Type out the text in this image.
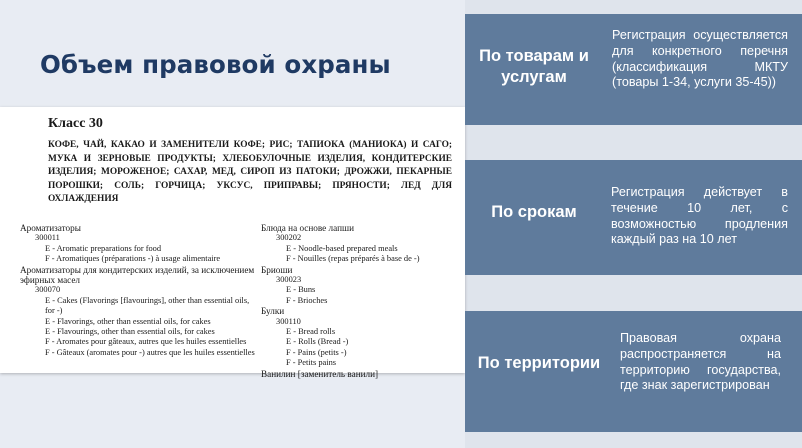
Объем правовой охраны
Класс 30
КОФЕ, ЧАЙ, КАКАО И ЗАМЕНИТЕЛИ КОФЕ; РИС; ТАПИОКА (МАНИОКА) И САГО; МУКА И ЗЕРНОВЫЕ ПРОДУКТЫ; ХЛЕБОБУЛОЧНЫЕ ИЗДЕЛИЯ, КОНДИТЕРСКИЕ ИЗДЕЛИЯ; МОРОЖЕНОЕ; САХАР, МЕД, СИРОП ИЗ ПАТОКИ; ДРОЖЖИ, ПЕКАРНЫЕ ПОРОШКИ; СОЛЬ; ГОРЧИЦА; УКСУС, ПРИПРАВЫ; ПРЯНОСТИ; ЛЕД ДЛЯ ОХЛАЖДЕНИЯ
Ароматизаторы
300011
E - Aromatic preparations for food
F - Aromatiques (préparations -) à usage alimentaire
Ароматизаторы для кондитерских изделий, за исключением эфирных масел
300070
E - Cakes (Flavorings [flavourings], other than essential oils, for -)
E - Flavorings, other than essential oils, for cakes
E - Flavourings, other than essential oils, for cakes
F - Aromates pour gâteaux, autres que les huiles essentielles
F - Gâteaux (aromates pour -) autres que les huiles essentielles
Блюда на основе лапши
300202
E - Noodle-based prepared meals
F - Nouilles (repas préparés à base de -)
Бриоши
300023
E - Buns
F - Brioches
Булки
300110
E - Bread rolls
E - Rolls (Bread -)
F - Pains (petits -)
F - Petits pains
Ванилин [заменитель ванили]
По товарам и услугам
Регистрация осуществляется для конкретного перечня (классификация МКТУ (товары 1-34, услуги 35-45))
По срокам
Регистрация действует в течение 10 лет, с возможностью продления каждый раз на 10 лет
По территории
Правовая охрана распространяется на территорию государства, где знак зарегистрирован
